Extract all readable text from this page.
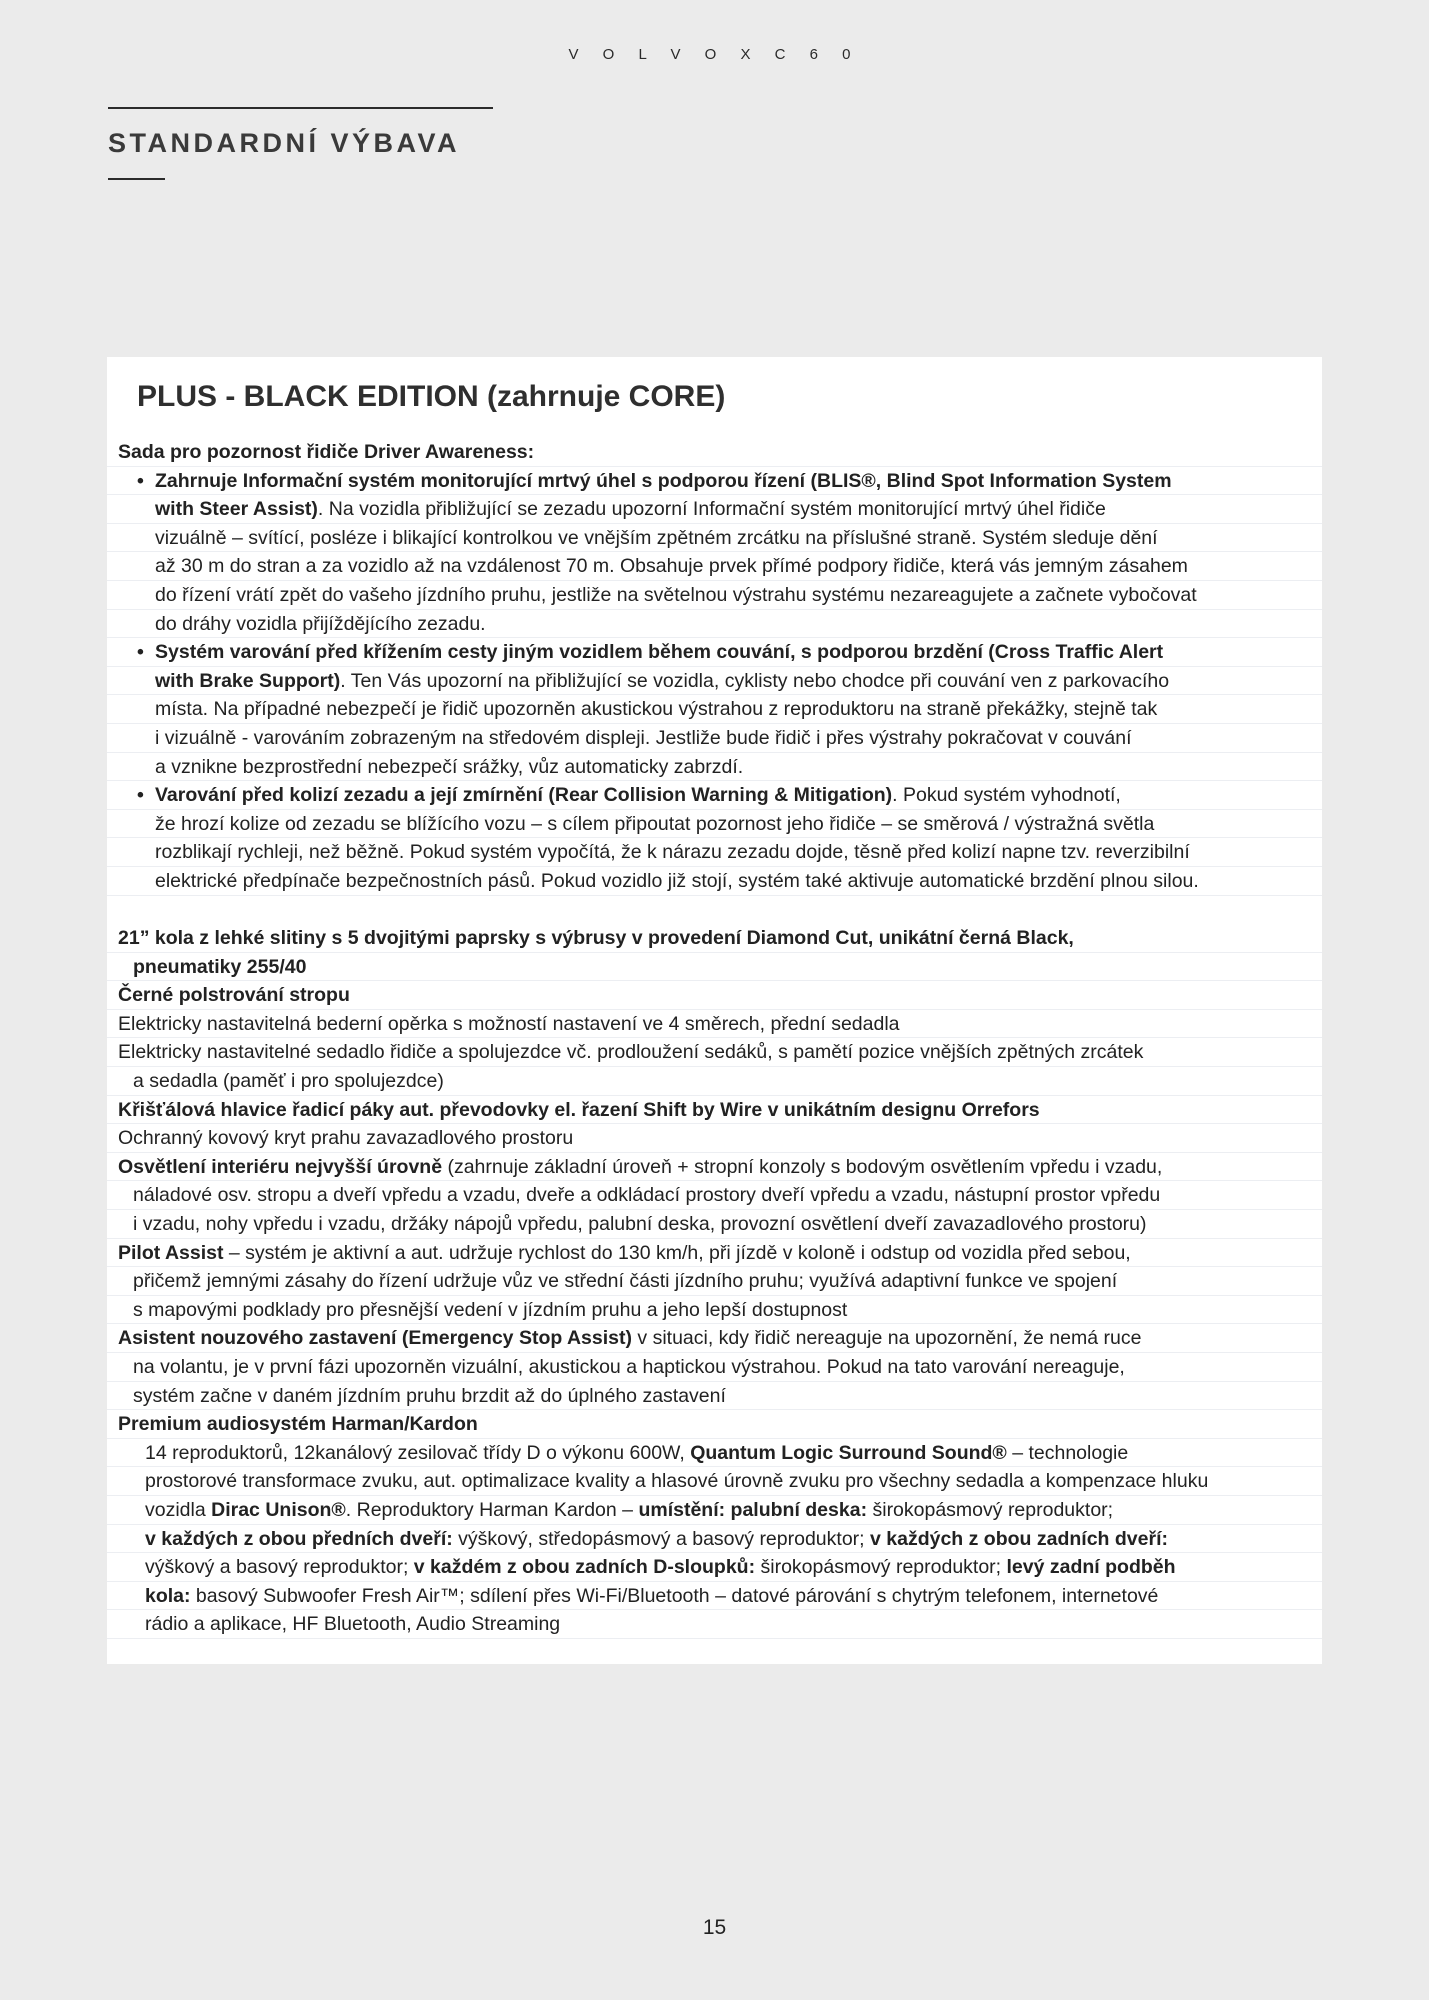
V O L V O X C 6 0
STANDARDNÍ VÝBAVA
PLUS - BLACK EDITION (zahrnuje CORE)
Sada pro pozornost řidiče Driver Awareness:
• Zahrnuje Informační systém monitorující mrtvý úhel s podporou řízení (BLIS®, Blind Spot Information System
with Steer Assist). Na vozidla přibližující se zezadu upozorní Informační systém monitorující mrtvý úhel řidiče
vizuálně – svítící, posléze i blikající kontrolkou ve vnějším zpětném zrcátku na příslušné straně. Systém sleduje dění
až 30 m do stran a za vozidlo až na vzdálenost 70 m. Obsahuje prvek přímé podpory řidiče, která vás jemným zásahem
do řízení vrátí zpět do vašeho jízdního pruhu, jestliže na světelnou výstrahu systému nezareagujete a začnete vybočovat
do dráhy vozidla přijíždějícího zezadu.
• Systém varování před křížením cesty jiným vozidlem během couvání, s podporou brzdění (Cross Traffic Alert
with Brake Support). Ten Vás upozorní na přibližující se vozidla, cyklisty nebo chodce při couvání ven z parkovacího
místa. Na případné nebezpečí je řidič upozorněn akustickou výstrahou z reproduktoru na straně překážky, stejně tak
i vizuálně - varováním zobrazeným na středovém displeji. Jestliže bude řidič i přes výstrahy pokračovat v couvání
a vznikne bezprostřední nebezpečí srážky, vůz automaticky zabrzdí.
• Varování před kolizí zezadu a její zmírnění (Rear Collision Warning & Mitigation). Pokud systém vyhodnotí,
že hrozí kolize od zezadu se blížícího vozu – s cílem připoutat pozornost jeho řidiče – se směrová / výstražná světla
rozblikají rychleji, než běžně. Pokud systém vypočítá, že k nárazu zezadu dojde, těsně před kolizí napne tzv. reverzibilní
elektrické předpínače bezpečnostních pásů. Pokud vozidlo již stojí, systém také aktivuje automatické brzdění plnou silou.
21” kola z lehké slitiny s 5 dvojitými paprsky s výbrusy v provedení Diamond Cut, unikátní černá Black,
pneumatiky 255/40
Černé polstrování stropu
Elektricky nastavitelná bederní opěrka s možností nastavení ve 4 směrech, přední sedadla
Elektricky nastavitelné sedadlo řidiče a spolujezdce vč. prodloužení sedáků, s pamětí pozice vnějších zpětných zrcátek
a sedadla (paměť i pro spolujezdce)
Křišťálová hlavice řadicí páky aut. převodovky el. řazení Shift by Wire v unikátním designu Orrefors
Ochranný kovový kryt prahu zavazadlového prostoru
Osvětlení interiéru nejvyšší úrovně (zahrnuje základní úroveň + stropní konzoly s bodovým osvětlením vpředu i vzadu,
náladové osv. stropu a dveří vpředu a vzadu, dveře a odkládací prostory dveří vpředu a vzadu, nástupní prostor vpředu
i vzadu, nohy vpředu i vzadu, držáky nápojů vpředu, palubní deska, provozní osvětlení dveří zavazadlového prostoru)
Pilot Assist – systém je aktivní a aut. udržuje rychlost do 130 km/h, při jízdě v koloně i odstup od vozidla před sebou,
přičemž jemnými zásahy do řízení udržuje vůz ve střední části jízdního pruhu; využívá adaptivní funkce ve spojení
s mapovými podklady pro přesnější vedení v jízdním pruhu a jeho lepší dostupnost
Asistent nouzového zastavení (Emergency Stop Assist) v situaci, kdy řidič nereaguje na upozornění, že nemá ruce
na volantu, je v první fázi upozorněn vizuální, akustickou a haptickou výstrahou. Pokud na tato varování nereaguje,
systém začne v daném jízdním pruhu brzdit až do úplného zastavení
Premium audiosystém Harman/Kardon
14 reproduktorů, 12kanálový zesilovač třídy D o výkonu 600W, Quantum Logic Surround Sound® – technologie
prostorové transformace zvuku, aut. optimalizace kvality a hlasové úrovně zvuku pro všechny sedadla a kompenzace hluku
vozidla Dirac Unison®. Reproduktory Harman Kardon – umístění: palubní deska: širokopásmový reproduktor;
v každých z obou předních dveří: výškový, středopásmový a basový reproduktor; v každých z obou zadních dveří:
výškový a basový reproduktor; v každém z obou zadních D-sloupků: širokopásmový reproduktor; levý zadní podběh
kola: basový Subwoofer Fresh Air™; sdílení přes Wi-Fi/Bluetooth – datové párování s chytrým telefonem, internetové
rádio a aplikace, HF Bluetooth, Audio Streaming
15
